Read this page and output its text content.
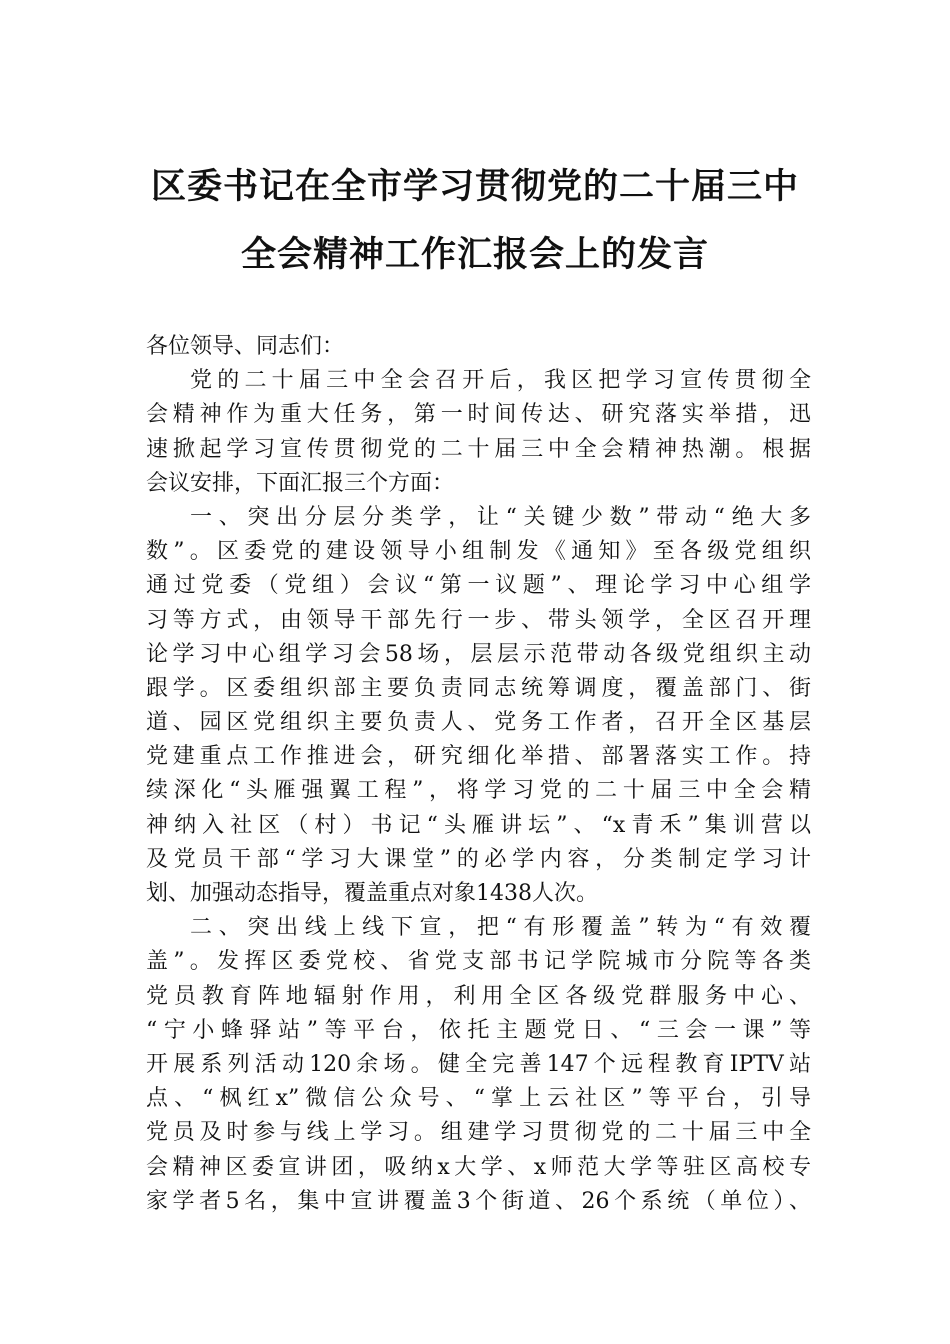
区委书记在全市学习贯彻党的二十届三中
全会精神工作汇报会上的发言
各位领导、同志们：
党的二十届三中全会召开后，我区把学习宣传贯彻全
会精神作为重大任务，第一时间传达、研究落实举措，迅
速掀起学习宣传贯彻党的二十届三中全会精神热潮。根据
会议安排，下面汇报三个方面：
一、突出分层分类学，让“关键少数”带动“绝大多
数”。区委党的建设领导小组制发《通知》至各级党组织
通过党委（党组）会议“第一议题”、理论学习中心组学
习等方式，由领导干部先行一步、带头领学，全区召开理
论学习中心组学习会58场，层层示范带动各级党组织主动
跟学。区委组织部主要负责同志统筹调度，覆盖部门、街
道、园区党组织主要负责人、党务工作者，召开全区基层
党建重点工作推进会，研究细化举措、部署落实工作。持
续深化“头雁强翼工程”，将学习党的二十届三中全会精
神纳入社区（村）书记“头雁讲坛”、“x青禾”集训营以
及党员干部“学习大课堂”的必学内容，分类制定学习计
划、加强动态指导，覆盖重点对象1438人次。
二、突出线上线下宣，把“有形覆盖”转为“有效覆
盖”。发挥区委党校、省党支部书记学院城市分院等各类
党员教育阵地辐射作用，利用全区各级党群服务中心、
“宁小蜂驿站”等平台，依托主题党日、“三会一课”等
开展系列活动120余场。健全完善147个远程教育IPTV站
点、“枫红x”微信公众号、“掌上云社区”等平台，引导
党员及时参与线上学习。组建学习贯彻党的二十届三中全
会精神区委宣讲团，吸纳x大学、x师范大学等驻区高校专
家学者5名，集中宣讲覆盖3个街道、26个系统（单位）、
